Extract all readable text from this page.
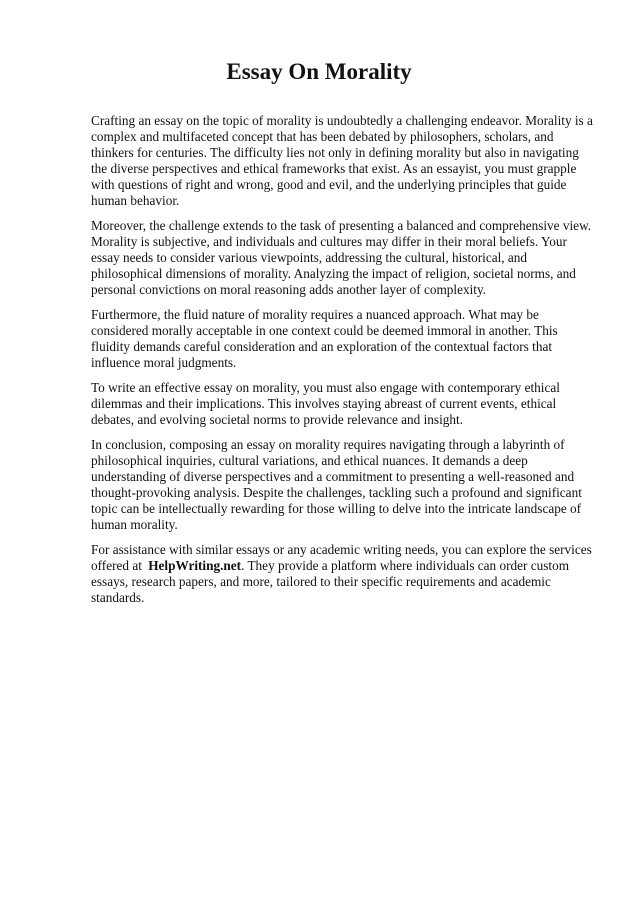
Essay On Morality

Crafting an essay on the topic of morality is undoubtedly a challenging endeavor. Morality is a complex and multifaceted concept that has been debated by philosophers, scholars, and thinkers for centuries. The difficulty lies not only in defining morality but also in navigating the diverse perspectives and ethical frameworks that exist. As an essayist, you must grapple with questions of right and wrong, good and evil, and the underlying principles that guide human behavior.

Moreover, the challenge extends to the task of presenting a balanced and comprehensive view. Morality is subjective, and individuals and cultures may differ in their moral beliefs. Your essay needs to consider various viewpoints, addressing the cultural, historical, and philosophical dimensions of morality. Analyzing the impact of religion, societal norms, and personal convictions on moral reasoning adds another layer of complexity.

Furthermore, the fluid nature of morality requires a nuanced approach. What may be considered morally acceptable in one context could be deemed immoral in another. This fluidity demands careful consideration and an exploration of the contextual factors that influence moral judgments.

To write an effective essay on morality, you must also engage with contemporary ethical dilemmas and their implications. This involves staying abreast of current events, ethical debates, and evolving societal norms to provide relevance and insight.

In conclusion, composing an essay on morality requires navigating through a labyrinth of philosophical inquiries, cultural variations, and ethical nuances. It demands a deep understanding of diverse perspectives and a commitment to presenting a well-reasoned and thought-provoking analysis. Despite the challenges, tackling such a profound and significant topic can be intellectually rewarding for those willing to delve into the intricate landscape of human morality.

For assistance with similar essays or any academic writing needs, you can explore the services offered at HelpWriting.net. They provide a platform where individuals can order custom essays, research papers, and more, tailored to their specific requirements and academic standards.
